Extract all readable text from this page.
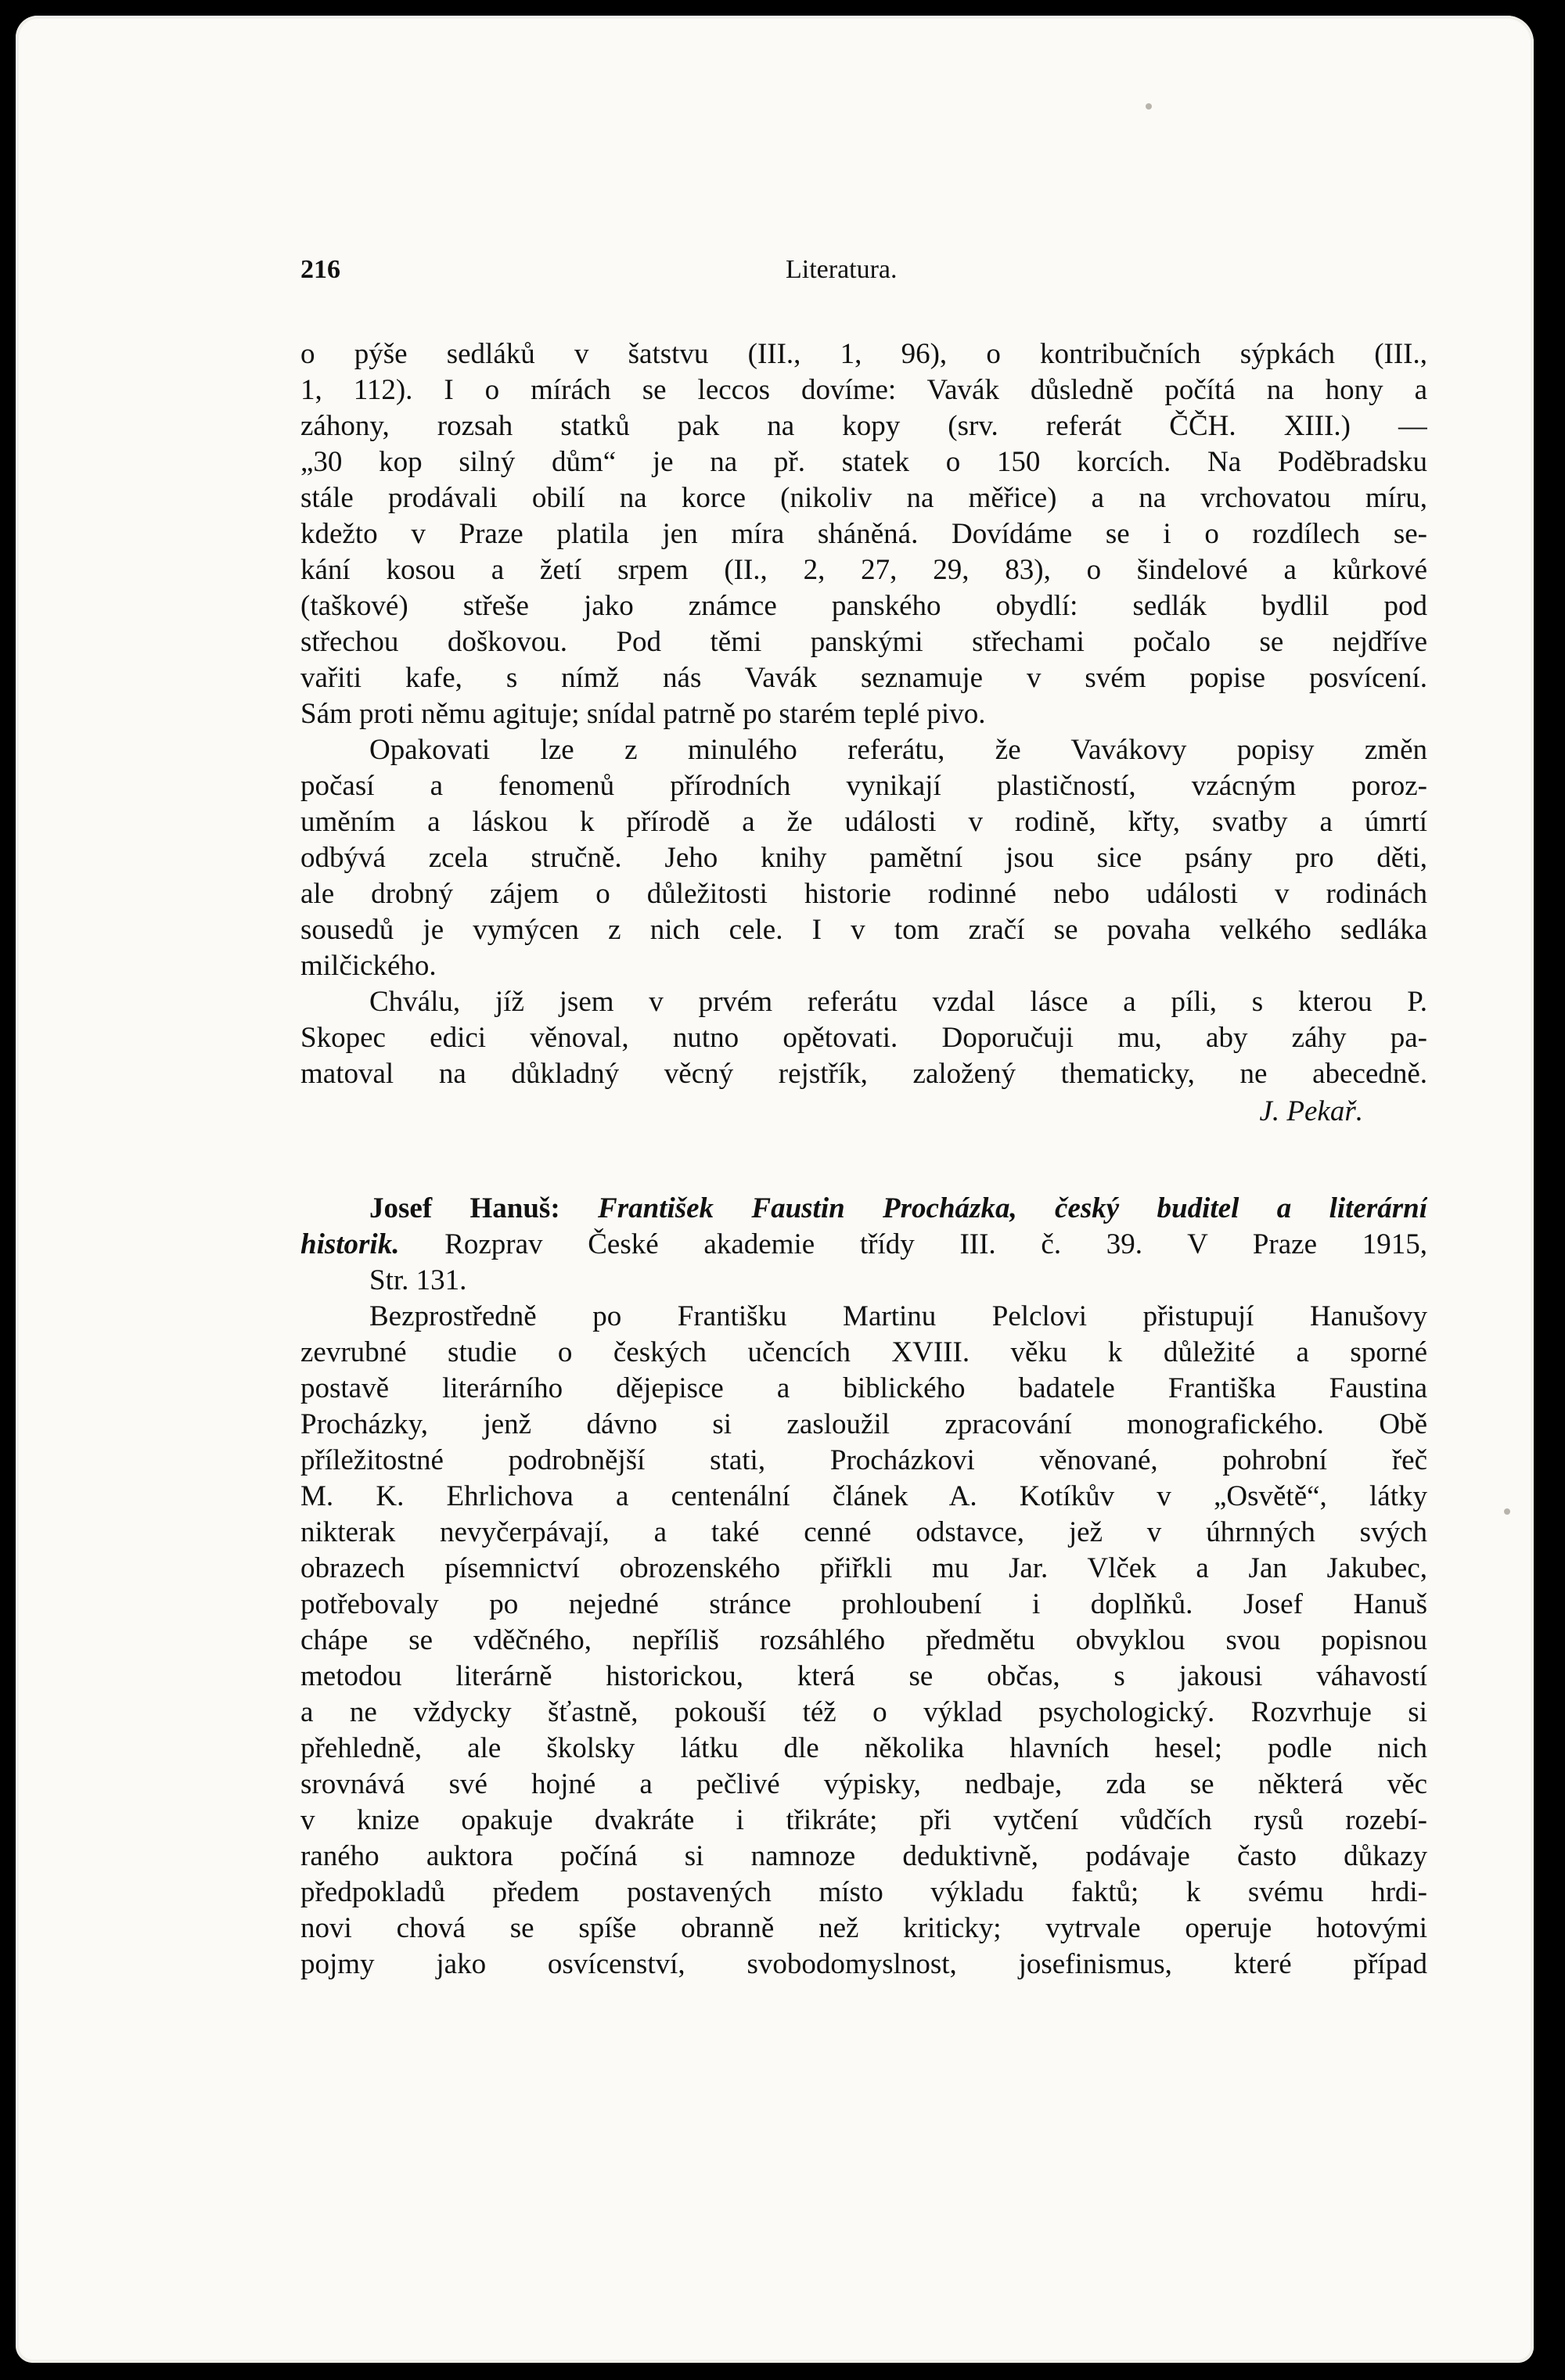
216	Literatura.
o pýše sedláků v šatstvu (III., 1, 96), o kontribučních sýpkách (III.,
1, 112). I o mírách se leccos dovíme: Vavák důsledně počítá na hony a
záhony, rozsah statků pak na kopy (srv. referát ČČH. XIII.) —
„30 kop silný dům“ je na př. statek o 150 korcích. Na Poděbradsku
stále prodávali obilí na korce (nikoliv na měřice) a na vrchovatou míru,
kdežto v Praze platila jen míra sháněná. Dovídáme se i o rozdílech se-
kání kosou a žetí srpem (II., 2, 27, 29, 83), o šindelové a kůrkové
(taškové) střeše jako známce panského obydlí: sedlák bydlil pod
střechou doškovou. Pod těmi panskými střechami počalo se nejdříve
vařiti kafe, s nímž nás Vavák seznamuje v svém popise posvícení.
Sám proti němu agituje; snídal patrně po starém teplé pivo.
Opakovati lze z minulého referátu, že Vavákovy popisy změn
počasí a fenomenů přírodních vynikají plastičností, vzácným poroz-
uměním a láskou k přírodě a že události v rodině, křty, svatby a úmrtí
odbývá zcela stručně. Jeho knihy pamětní jsou sice psány pro děti,
ale drobný zájem o důležitosti historie rodinné nebo události v rodinách
sousedů je vymýcen z nich cele. I v tom zračí se povaha velkého sedláka
milčického.
Chválu, jíž jsem v prvém referátu vzdal lásce a píli, s kterou P.
Skopec edici věnoval, nutno opětovati. Doporučuji mu, aby záhy pa-
matoval na důkladný věcný rejstřík, založený thematicky, ne abecedně.
J. Pekař.
Josef Hanuš: František Faustin Procházka, český buditel a literární
historik. Rozprav České akademie třídy III. č. 39. V Praze 1915,
Str. 131.
Bezprostředně po Františku Martinu Pelclovi přistupují Hanušovy
zevrubné studie o českých učencích XVIII. věku k důležité a sporné
postavě literárního dějepisce a biblického badatele Františka Faustina
Procházky, jenž dávno si zasloužil zpracování monografického. Obě
příležitostné podrobnější stati, Procházkovi věnované, pohrobní řeč
M. K. Ehrlichova a centenální článek A. Kotíkův v „Osvětě“, látky
nikterak nevyčerpávají, a také cenné odstavce, jež v úhrnných svých
obrazech písemnictví obrozenského přiřkli mu Jar. Vlček a Jan Jakubec,
potřebovaly po nejedné stránce prohloubení i doplňků. Josef Hanuš
chápe se vděčného, nepříliš rozsáhlého předmětu obvyklou svou popisnou
metodou literárně historickou, která se občas, s jakousi váhavostí
a ne vždycky šťastně, pokouší též o výklad psychologický. Rozvrhuje si
přehledně, ale školsky látku dle několika hlavních hesel; podle nich
srovnává své hojné a pečlivé výpisky, nedbaje, zda se některá věc
v knize opakuje dvakráte i třikráte; při vytčení vůdčích rysů rozebí-
raného auktora počíná si namnoze deduktivně, podávaje často důkazy
předpokladů předem postavených místo výkladu faktů; k svému hrdi-
novi chová se spíše obranně než kriticky; vytrvale operuje hotovými
pojmy jako osvícenství, svobodomyslnost, josefinismus, které případ
